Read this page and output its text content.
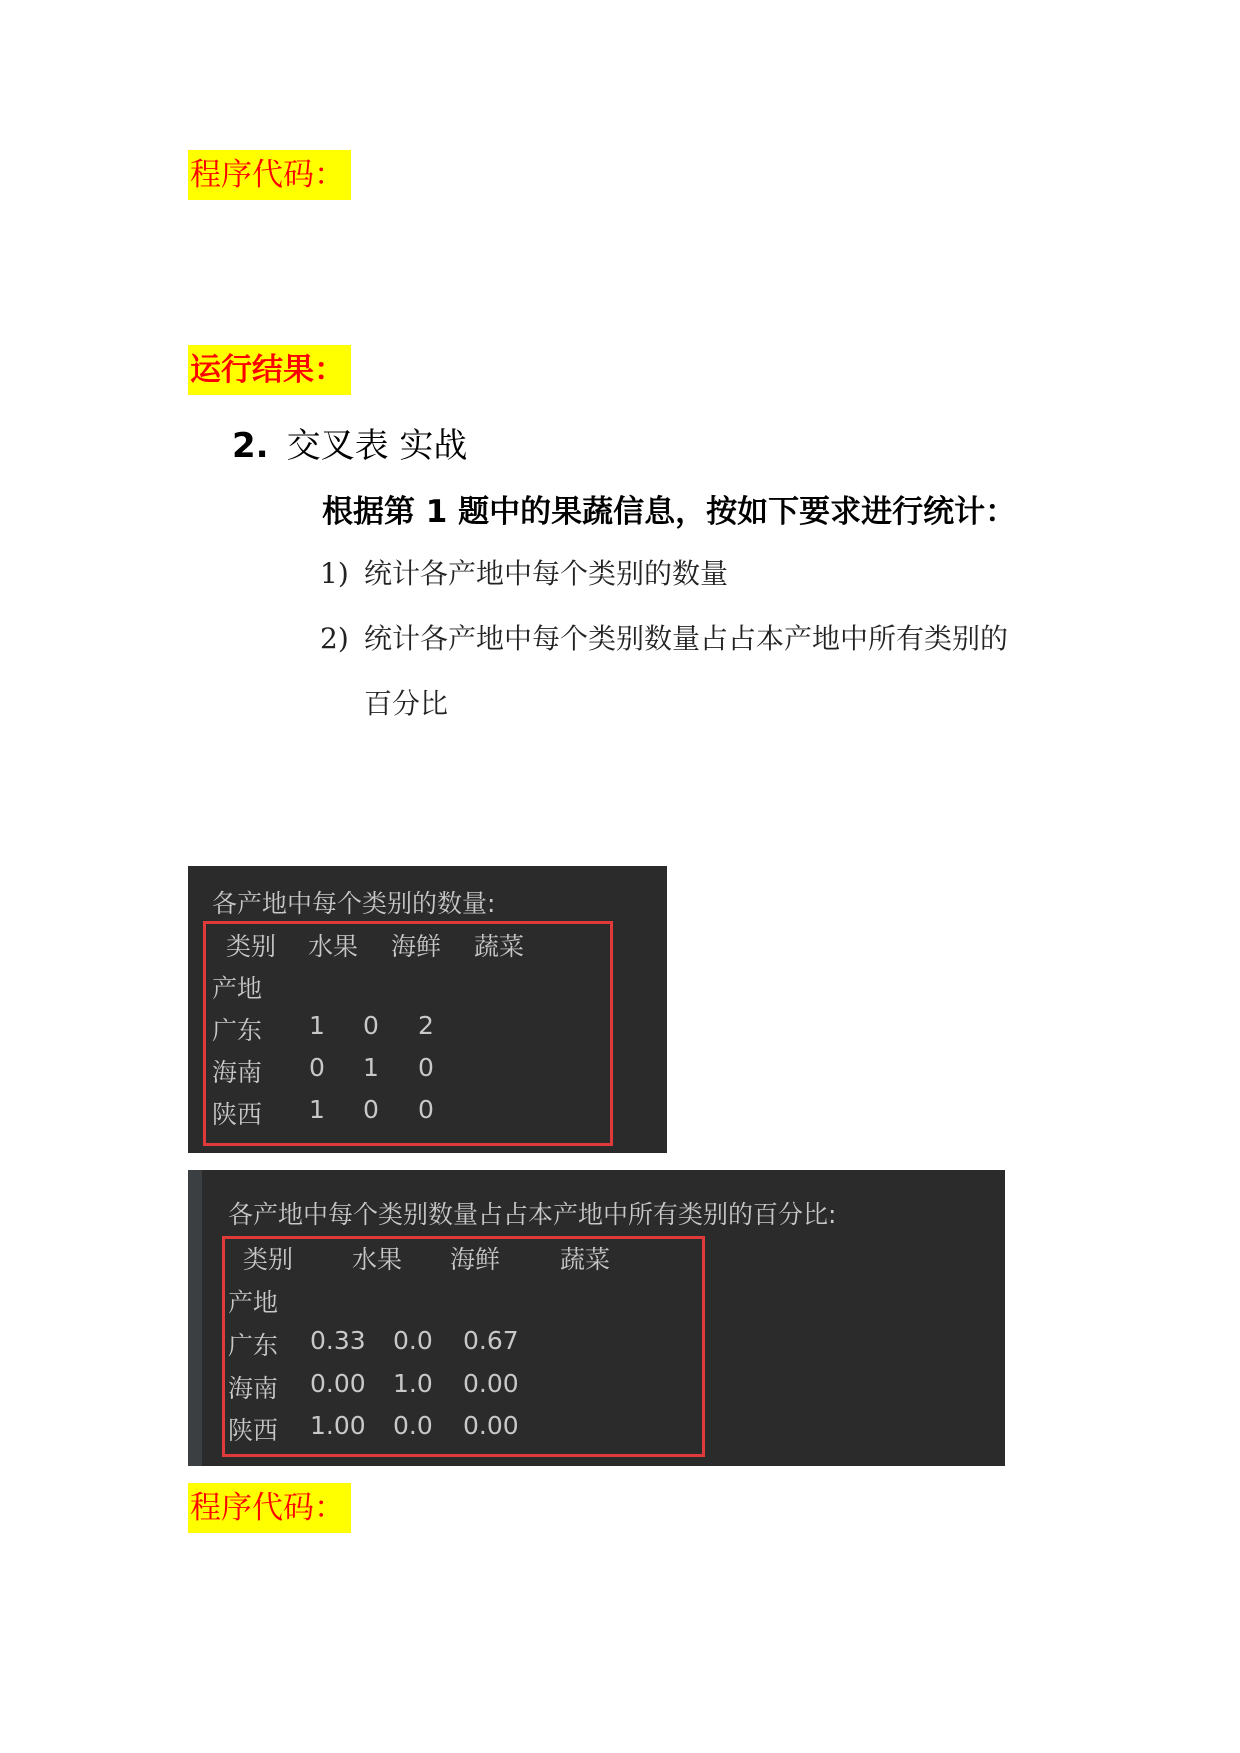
程序代码：
运行结果：
2. 交叉表 实战
根据第 1 题中的果蔬信息，按如下要求进行统计：
1) 统计各产地中每个类别的数量
2) 统计各产地中每个类别数量占占本产地中所有类别的
百分比
各产地中每个类别的数量:
类别 水果 海鲜 蔬菜
产地
广东 1 0 2
海南 0 1 0
陕西 1 0 0
各产地中每个类别数量占占本产地中所有类别的百分比:
类别 水果 海鲜 蔬菜
产地
广东 0.33 0.0 0.67
海南 0.00 1.0 0.00
陕西 1.00 0.0 0.00
程序代码：
